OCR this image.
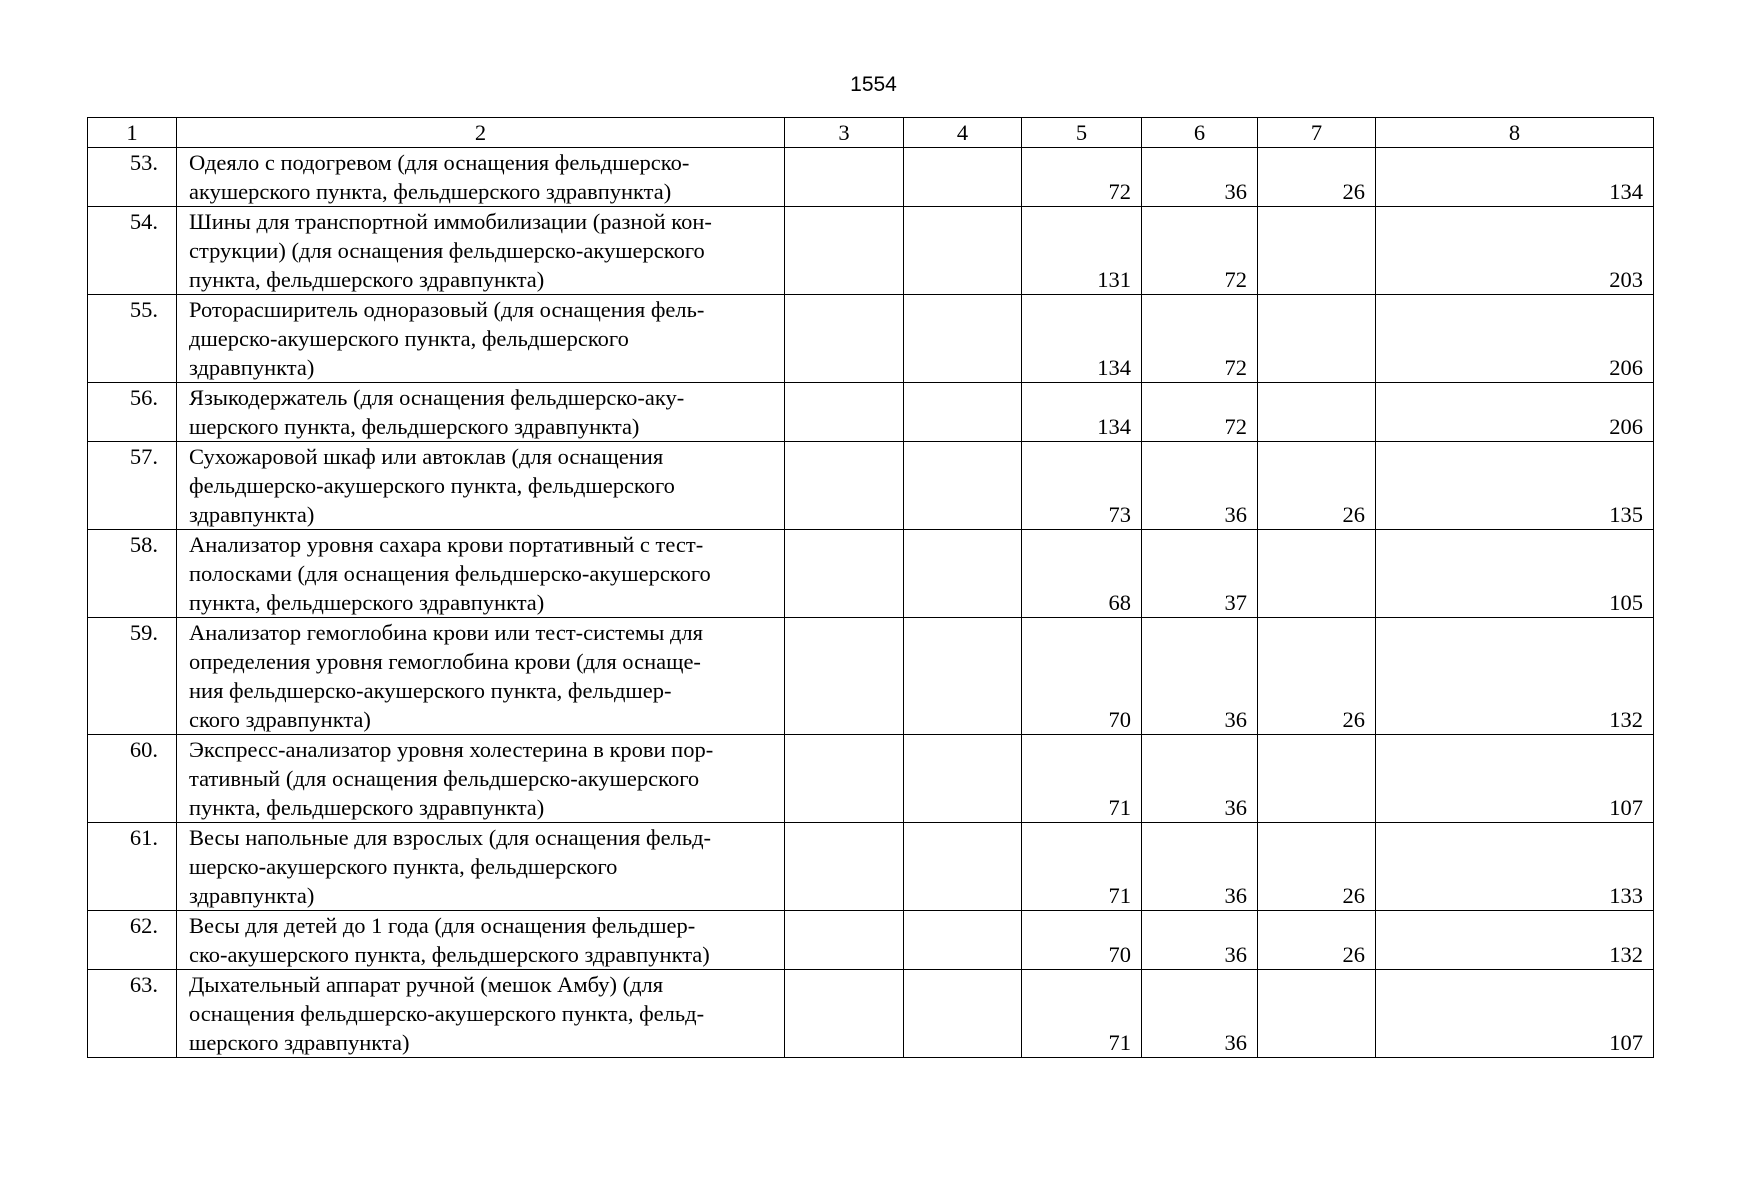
1554
1	2	3	4	5	6	7	8
53.	Одеяло с подогревом (для оснащения фельдшерско-
акушерского пункта, фельдшерского здравпункта)			72	36	26	134
54.	Шины для транспортной иммобилизации (разной кон-
струкции) (для оснащения фельдшерско-акушерского
пункта, фельдшерского здравпункта)			131	72		203
55.	Роторасширитель одноразовый (для оснащения фель-
дшерско-акушерского пункта, фельдшерского
здравпункта)			134	72		206
56.	Языкодержатель (для оснащения фельдшерско-аку-
шерского пункта, фельдшерского здравпункта)			134	72		206
57.	Сухожаровой шкаф или автоклав (для оснащения
фельдшерско-акушерского пункта, фельдшерского
здравпункта)			73	36	26	135
58.	Анализатор уровня сахара крови портативный с тест-
полосками (для оснащения фельдшерско-акушерского
пункта, фельдшерского здравпункта)			68	37		105
59.	Анализатор гемоглобина крови или тест-системы для
определения уровня гемоглобина крови (для оснаще-
ния фельдшерско-акушерского пункта, фельдшер-
ского здравпункта)			70	36	26	132
60.	Экспресс-анализатор уровня холестерина в крови пор-
тативный (для оснащения фельдшерско-акушерского
пункта, фельдшерского здравпункта)			71	36		107
61.	Весы напольные для взрослых (для оснащения фельд-
шерско-акушерского пункта, фельдшерского
здравпункта)			71	36	26	133
62.	Весы для детей до 1 года (для оснащения фельдшер-
ско-акушерского пункта, фельдшерского здравпункта)			70	36	26	132
63.	Дыхательный аппарат ручной (мешок Амбу) (для
оснащения фельдшерско-акушерского пункта, фельд-
шерского здравпункта)			71	36		107
